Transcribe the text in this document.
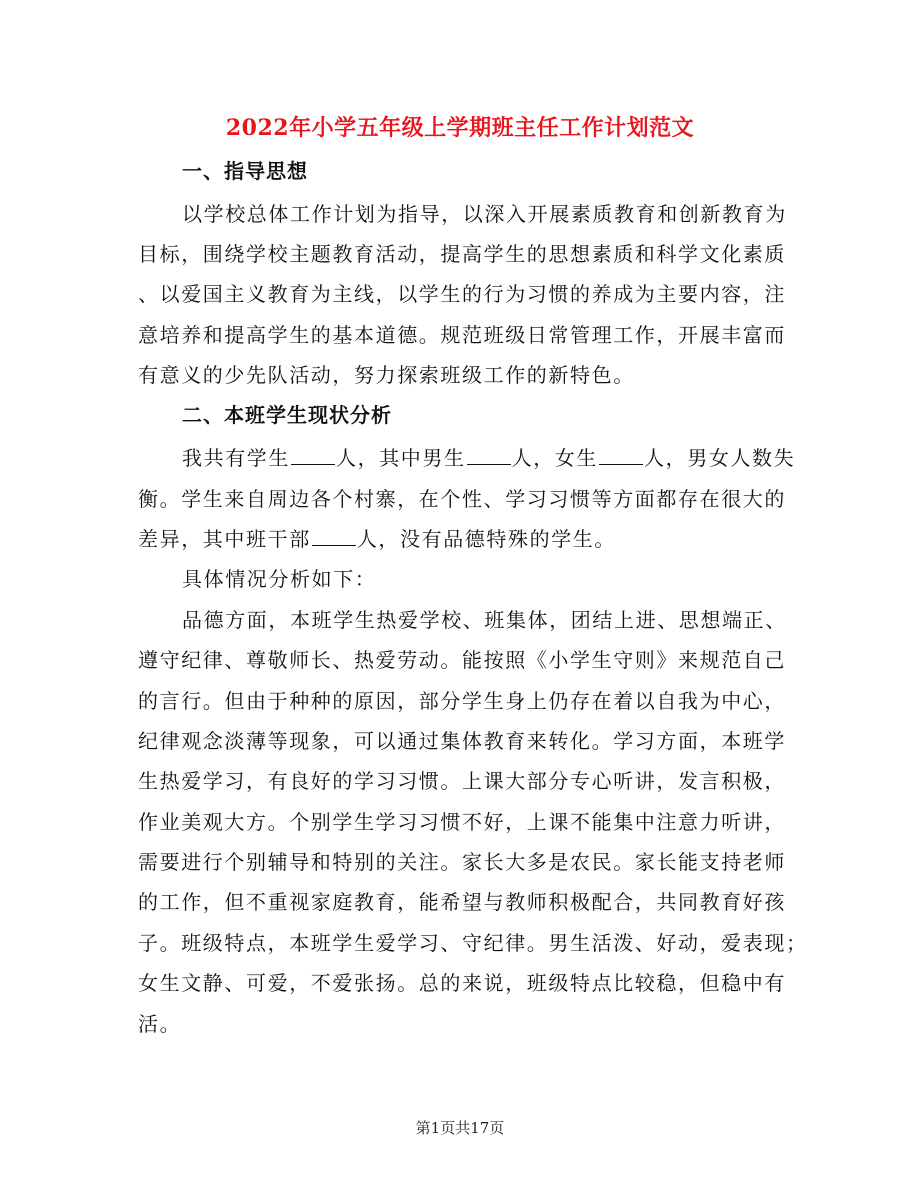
2022年小学五年级上学期班主任工作计划范文
一、指导思想
以学校总体工作计划为指导，以深入开展素质教育和创新教育为
目标，围绕学校主题教育活动，提高学生的思想素质和科学文化素质
、以爱国主义教育为主线，以学生的行为习惯的养成为主要内容，注
意培养和提高学生的基本道德。规范班级日常管理工作，开展丰富而
有意义的少先队活动，努力探索班级工作的新特色。
二、本班学生现状分析
我共有学生 人，其中男生 人，女生 人，男女人数失
衡。学生来自周边各个村寨，在个性、学习习惯等方面都存在很大的
差异，其中班干部 人，没有品德特殊的学生。
具体情况分析如下：
品德方面，本班学生热爱学校、班集体，团结上进、思想端正、
遵守纪律、尊敬师长、热爱劳动。能按照《小学生守则》来规范自己
的言行。但由于种种的原因，部分学生身上仍存在着以自我为中心，
纪律观念淡薄等现象，可以通过集体教育来转化。学习方面，本班学
生热爱学习，有良好的学习习惯。上课大部分专心听讲，发言积极，
作业美观大方。个别学生学习习惯不好，上课不能集中注意力听讲，
需要进行个别辅导和特别的关注。家长大多是农民。家长能支持老师
的工作，但不重视家庭教育，能希望与教师积极配合，共同教育好孩
子。班级特点，本班学生爱学习、守纪律。男生活泼、好动，爱表现；
女生文静、可爱，不爱张扬。总的来说，班级特点比较稳，但稳中有
活。
第1页共17页
